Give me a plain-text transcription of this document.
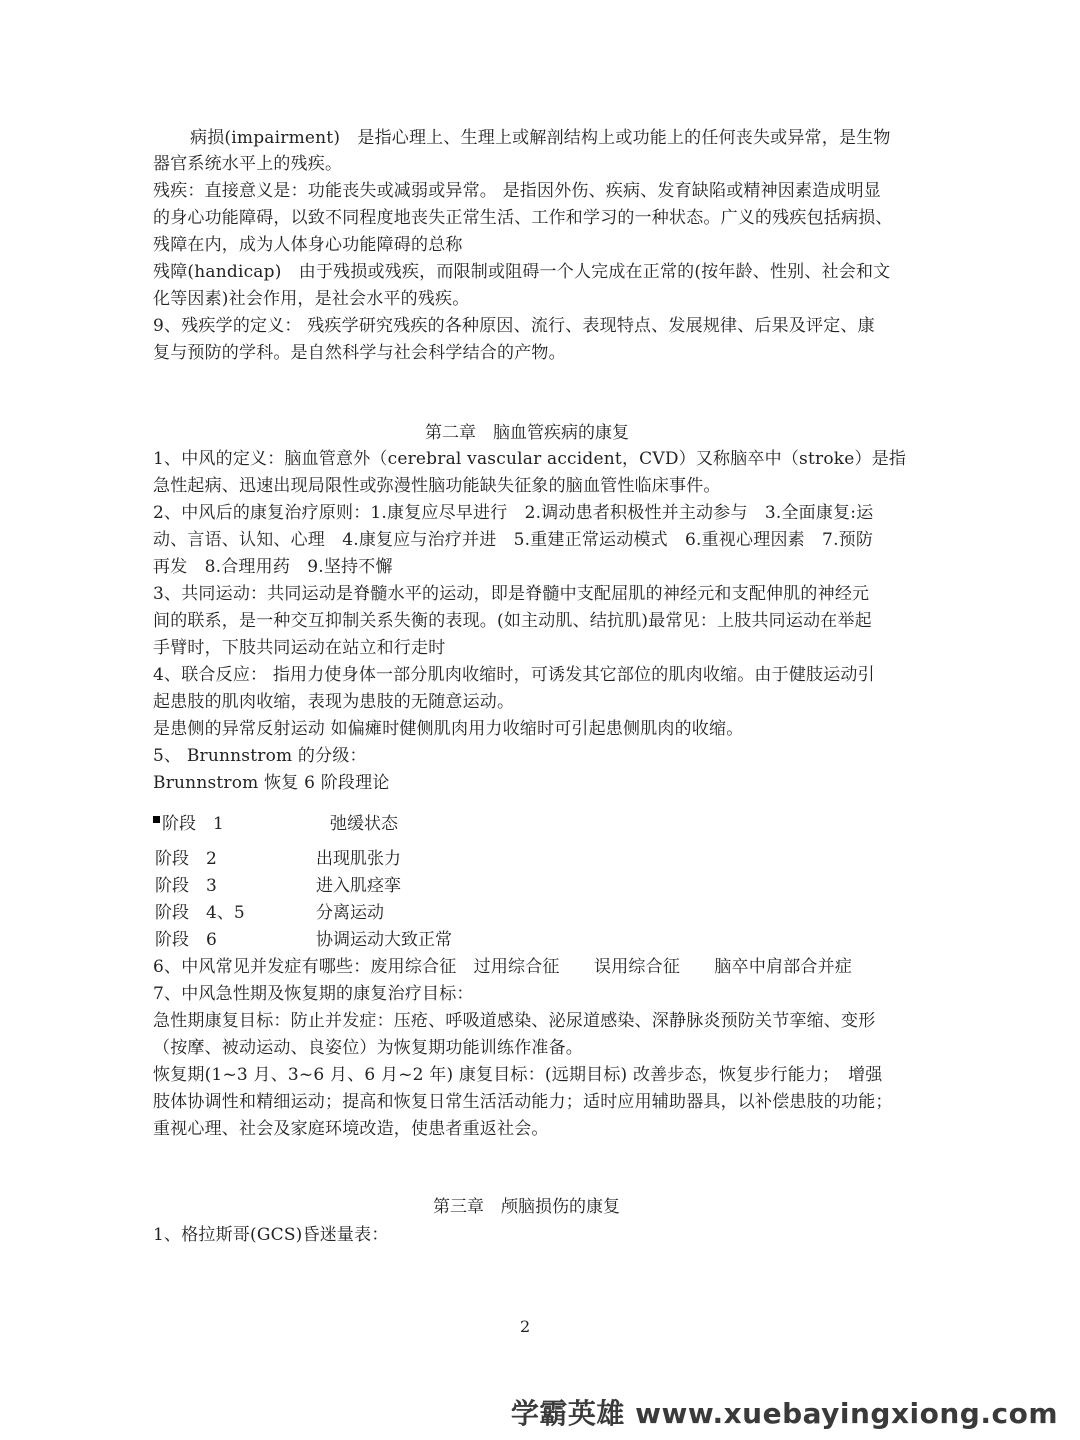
病损(impairment)　是指心理上、生理上或解剖结构上或功能上的任何丧失或异常，是生物
器官系统水平上的残疾。
残疾：直接意义是：功能丧失或减弱或异常。 是指因外伤、疾病、发育缺陷或精神因素造成明显
的身心功能障碍，以致不同程度地丧失正常生活、工作和学习的一种状态。广义的残疾包括病损、
残障在内，成为人体身心功能障碍的总称
残障(handicap)　由于残损或残疾，而限制或阻碍一个人完成在正常的(按年龄、性别、社会和文
化等因素)社会作用，是社会水平的残疾。
9、残疾学的定义： 残疾学研究残疾的各种原因、流行、表现特点、发展规律、后果及评定、康
复与预防的学科。是自然科学与社会科学结合的产物。
第二章　脑血管疾病的康复
1、中风的定义：脑血管意外（cerebral vascular accident，CVD）又称脑卒中（stroke）是指
急性起病、迅速出现局限性或弥漫性脑功能缺失征象的脑血管性临床事件。
2、中风后的康复治疗原则：1.康复应尽早进行　2.调动患者积极性并主动参与　3.全面康复:运
动、言语、认知、心理　4.康复应与治疗并进　5.重建正常运动模式　6.重视心理因素　7.预防
再发　8.合理用药　9.坚持不懈
3、共同运动：共同运动是脊髓水平的运动，即是脊髓中支配屈肌的神经元和支配伸肌的神经元
间的联系，是一种交互抑制关系失衡的表现。(如主动肌、结抗肌)最常见：上肢共同运动在举起
手臂时，下肢共同运动在站立和行走时
4、联合反应： 指用力使身体一部分肌肉收缩时，可诱发其它部位的肌肉收缩。由于健肢运动引
起患肢的肌肉收缩，表现为患肢的无随意运动。
是患侧的异常反射运动 如偏瘫时健侧肌肉用力收缩时可引起患侧肌肉的收缩。
5、 Brunnstrom 的分级：
Brunnstrom 恢复 6 阶段理论
阶段　1	弛缓状态
阶段　2	出现肌张力
阶段　3	进入肌痉挛
阶段　4、5	分离运动
阶段　6	协调运动大致正常
6、中风常见并发症有哪些：废用综合征　过用综合征　　误用综合征　　脑卒中肩部合并症
7、中风急性期及恢复期的康复治疗目标：
急性期康复目标：防止并发症：压疮、呼吸道感染、泌尿道感染、深静脉炎预防关节挛缩、变形
（按摩、被动运动、良姿位）为恢复期功能训练作准备。
恢复期(1~3 月、3~6 月、6 月~2 年) 康复目标：(远期目标) 改善步态，恢复步行能力；　增强
肢体协调性和精细运动；提高和恢复日常生活活动能力；适时应用辅助器具，以补偿患肢的功能；
重视心理、社会及家庭环境改造，使患者重返社会。
第三章　颅脑损伤的康复
1、格拉斯哥(GCS)昏迷量表：
2
学霸英雄 www.xuebayingxiong.com
